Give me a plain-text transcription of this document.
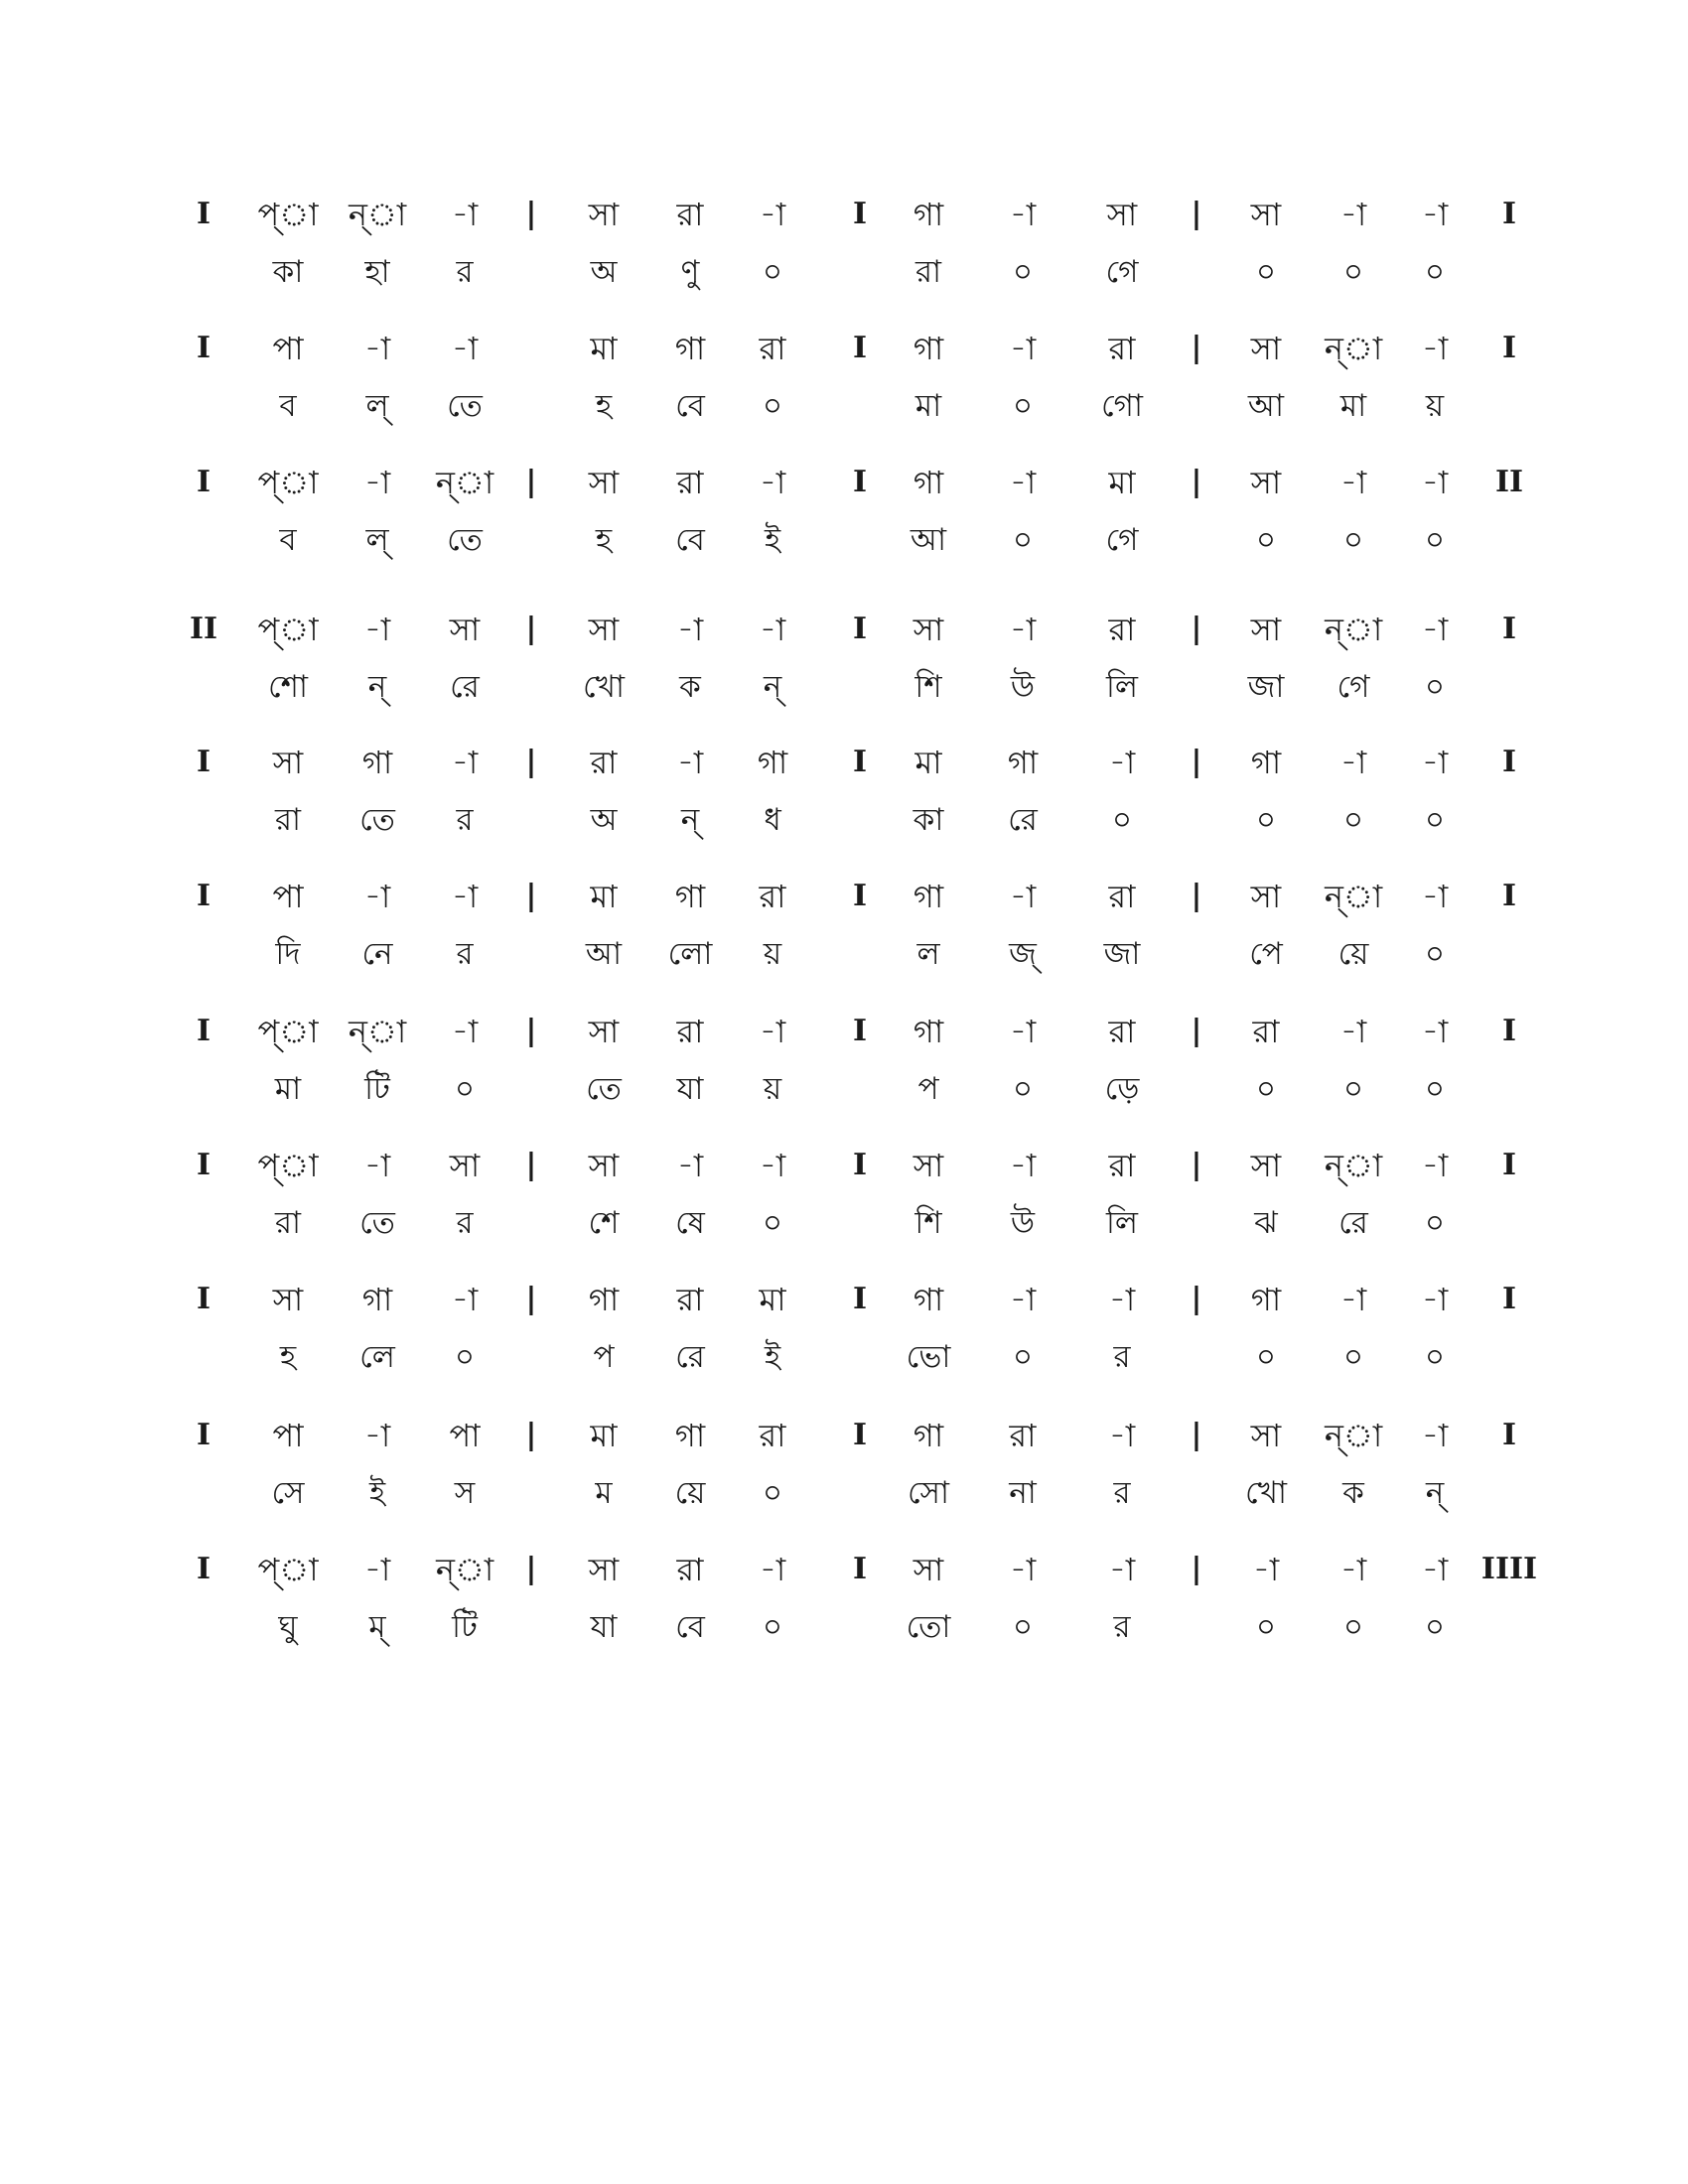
I	প্া ন্া	-া	|	সা	রা	-া	I	গা	-া	সা	|	সা	-া	-া	I
কা	হা	র	অ	ণু	০	রা	০	গে	০	০	০
I	পা	-া	-া	মা	গা	রা	I	গা	-া	রা	|	সা	ন্া	-া	I
ব	ল্	তে	হ	বে	০	মা	০	গো	আ	মা	য়
I	প্া	-া	ন্া	|	সা	রা	-া	I	গা	-া	মা	|	সা	-া	-া	II
ব	ল্	তে	হ	বে	ই	আ	০	গে	০	০	০
II	প্া	-া	সা	|	সা	-া	-া	I	সা	-া	রা	|	সা	ন্া	-া	I
শো	ন্	রে	খো	ক	ন্	শি	উ	লি	জা	গে	০
I	সা	গা	-া	|	রা	-া	গা	I	মা	গা	-া	|	গা	-া	-া	I
রা	তে	র	অ	ন্	ধ	কা	রে	০	০	০	০
I	পা	-া	-া	|	মা	গা	রা	I	গা	-া	রা	|	সা	ন্া	-া	I
দি	নে	র	আ	লো	য়	ল	জ্	জা	পে	য়ে	০
I	প্া ন্া	-া	|	সা	রা	-া	I	গা	-া	রা	|	রা	-া	-া	I
মা	টি	০	তে	যা	য়	প	০	ড়ে	০	০	০
I	প্া	-া	সা	|	সা	-া	-া	I	সা	-া	রা	|	সা	ন্া	-া	I
রা	তে	র	শে	ষে	০	শি	উ	লি	ঝ	রে	০
I	সা	গা	-া	|	গা	রা	মা	I	গা	-া	-া	|	গা	-া	-া	I
হ	লে	০	প	রে	ই	ভো	০	র	০	০	০
I	পা	-া	পা	|	মা	গা	রা	I	গা	রা	-া	|	সা	ন্া	-া	I
সে	ই	স	ম	য়ে	০	সো	না	র	খো	ক	ন্
I	প্া	-া	ন্া	|	সা	রা	-া	I	সা	-া	-া	|	-া	-া	-া	IIII
ঘু	ম্	টি	যা	বে	০	তো	০	র	০	০	০
